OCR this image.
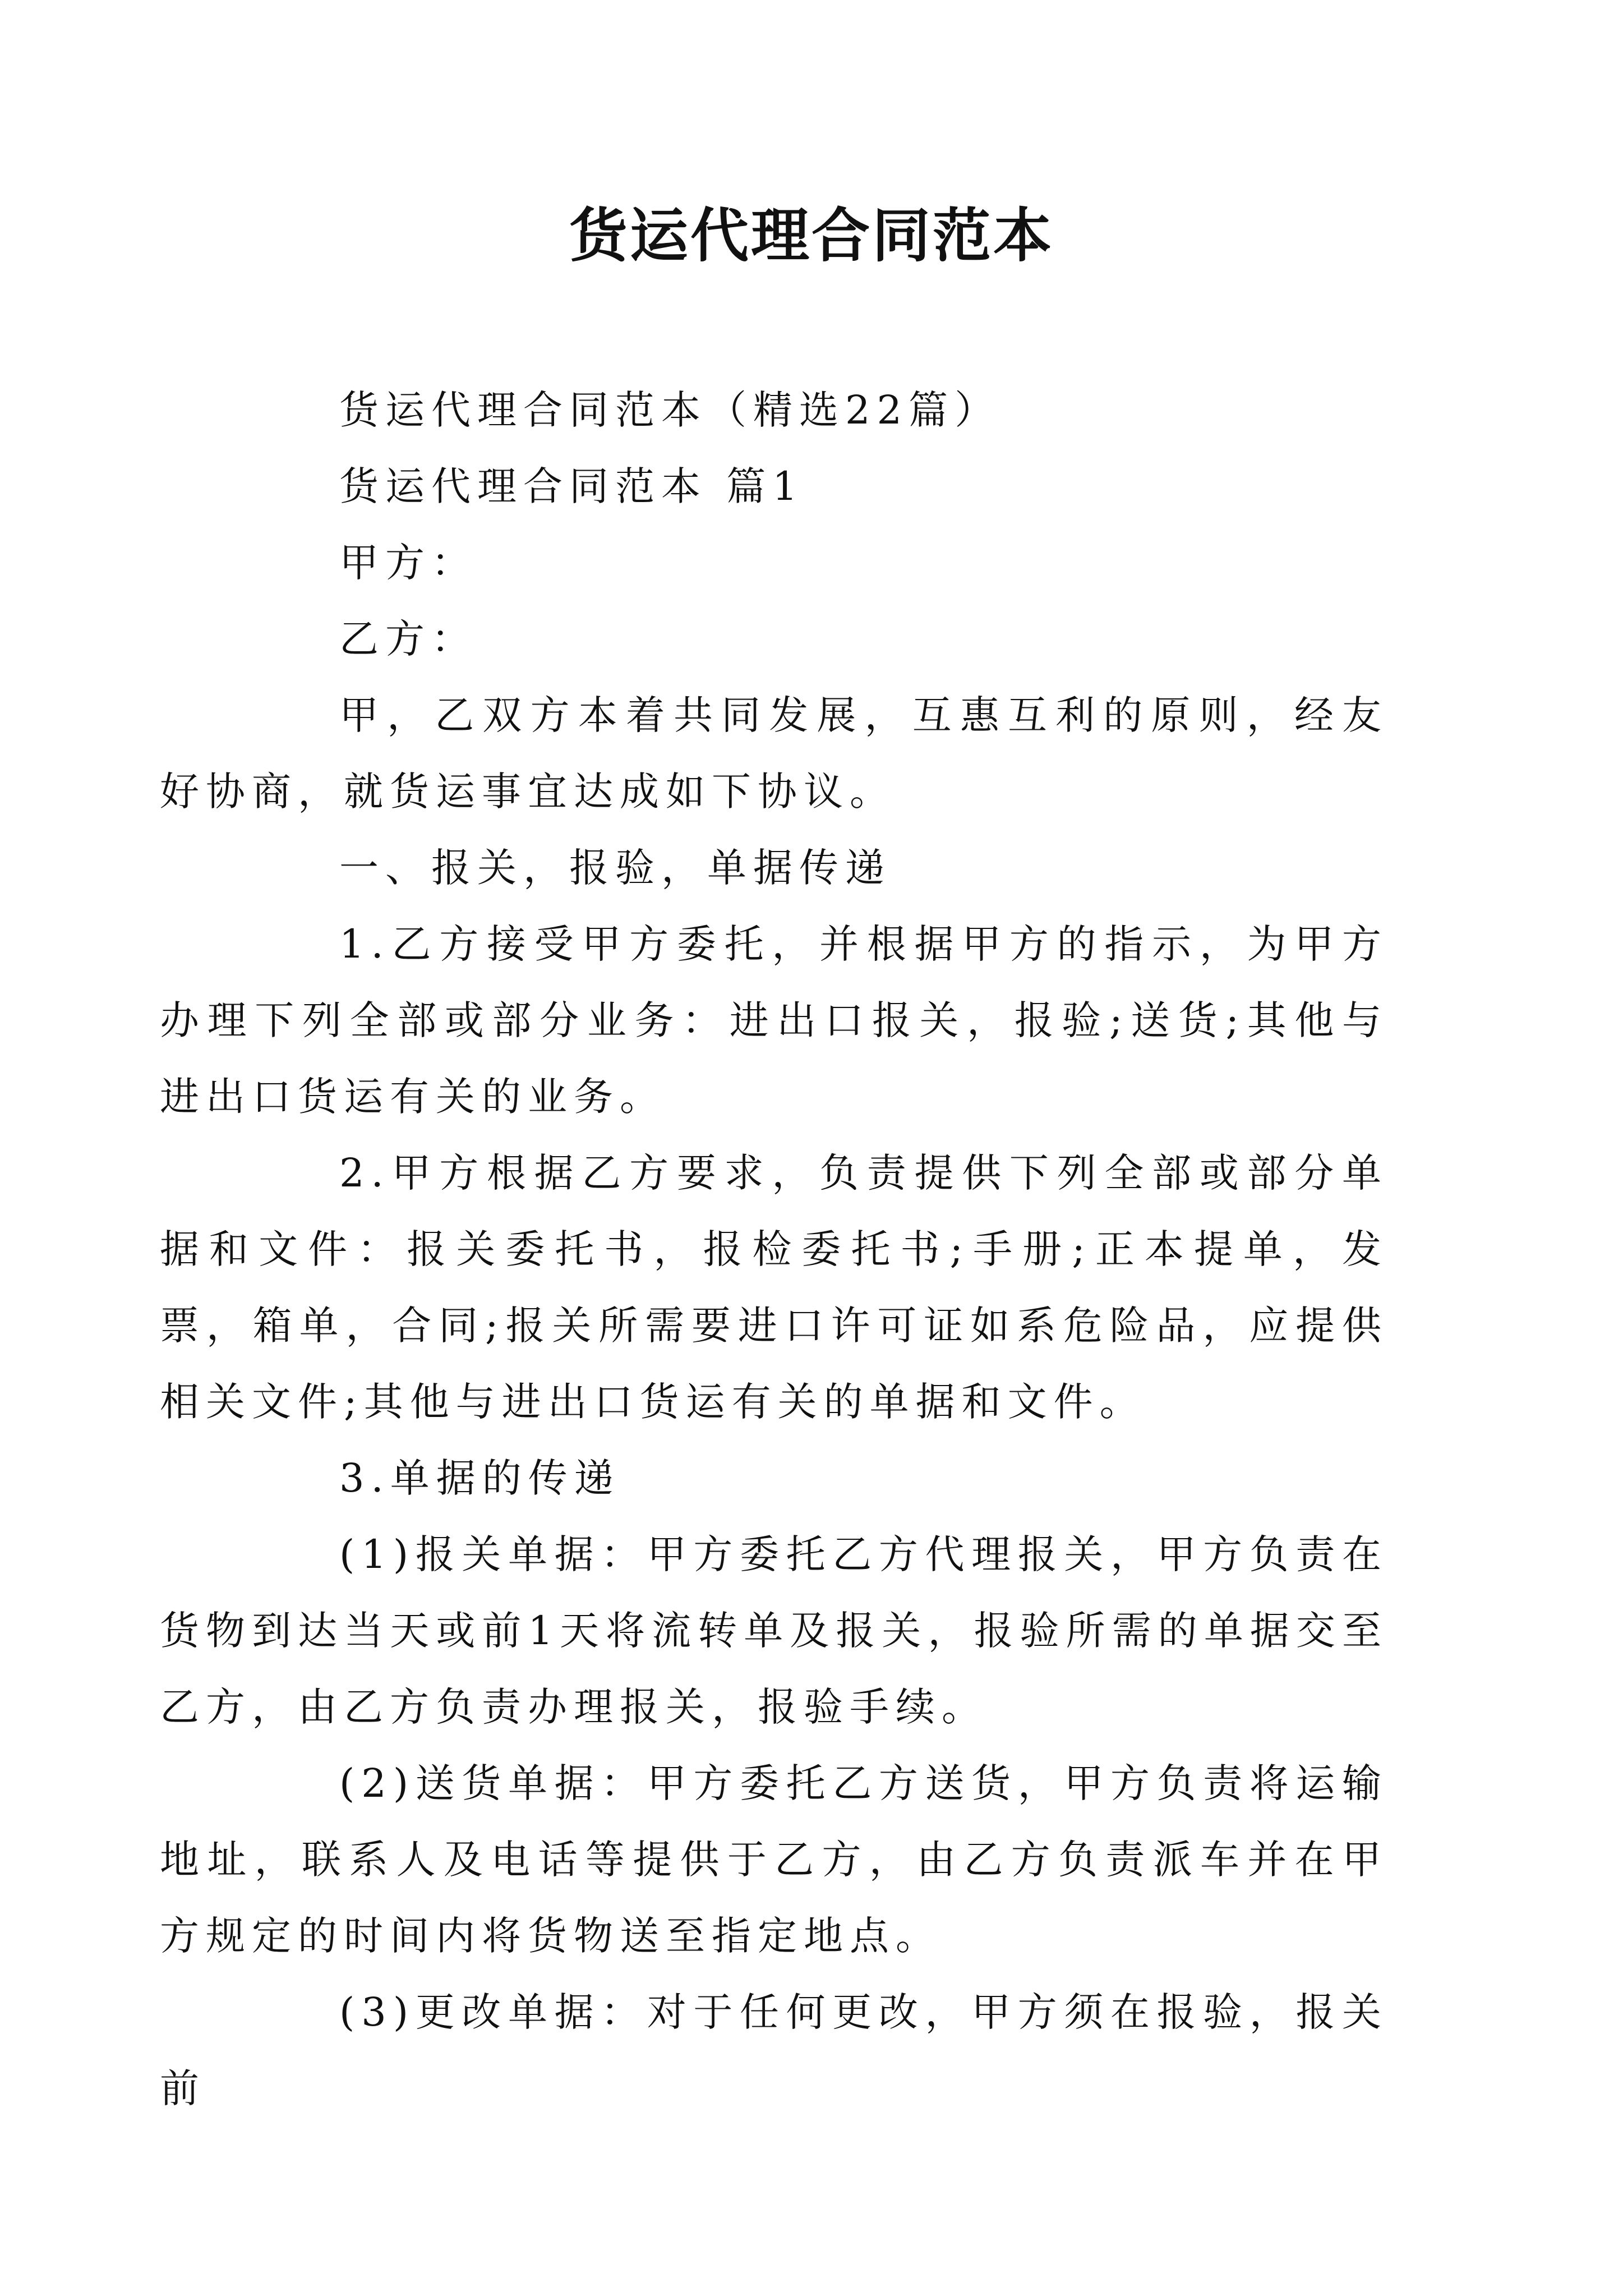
货运代理合同范本

货运代理合同范本（精选22篇）

货运代理合同范本 篇1

甲方：

乙方：

甲，乙双方本着共同发展，互惠互利的原则，经友好协商，就货运事宜达成如下协议。

一、报关，报验，单据传递

1.乙方接受甲方委托，并根据甲方的指示，为甲方办理下列全部或部分业务：进出口报关，报验;送货;其他与进出口货运有关的业务。

2.甲方根据乙方要求，负责提供下列全部或部分单据和文件：报关委托书，报检委托书;手册;正本提单，发票，箱单，合同;报关所需要进口许可证如系危险品，应提供相关文件;其他与进出口货运有关的单据和文件。

3.单据的传递

(1)报关单据：甲方委托乙方代理报关，甲方负责在货物到达当天或前1天将流转单及报关，报验所需的单据交至乙方，由乙方负责办理报关，报验手续。

(2)送货单据：甲方委托乙方送货，甲方负责将运输地址，联系人及电话等提供于乙方，由乙方负责派车并在甲方规定的时间内将货物送至指定地点。

(3)更改单据：对于任何更改，甲方须在报验，报关前
